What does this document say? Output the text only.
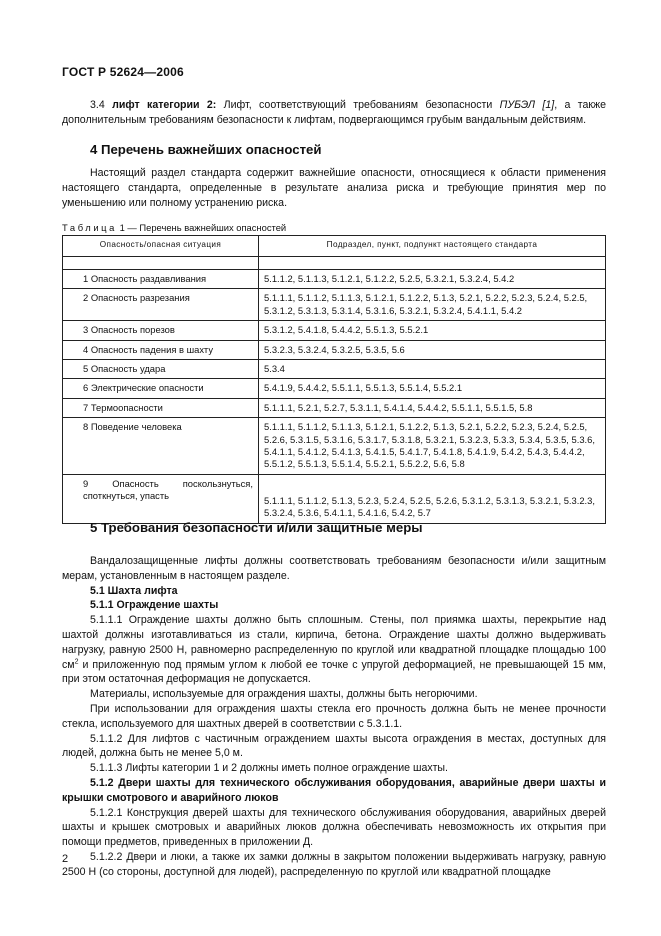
ГОСТ Р 52624—2006
3.4 лифт категории 2: Лифт, соответствующий требованиям безопасности ПУБЭЛ [1], а также дополнительным требованиям безопасности к лифтам, подвергающимся грубым вандальным действиям.
4 Перечень важнейших опасностей
Настоящий раздел стандарта содержит важнейшие опасности, относящиеся к области применения настоящего стандарта, определенные в результате анализа риска и требующие принятия мер по уменьшению или полному устранению риска.
Таблица 1 — Перечень важнейших опасностей
Опасность/опасная ситуация	Подраздел, пункт, подпункт настоящего стандарта

1 Опасность раздавливания	5.1.1.2, 5.1.1.3, 5.1.2.1, 5.1.2.2, 5.2.5, 5.3.2.1, 5.3.2.4, 5.4.2
2 Опасность разрезания	5.1.1.1, 5.1.1.2, 5.1.1.3, 5.1.2.1, 5.1.2.2, 5.1.3, 5.2.1, 5.2.2, 5.2.3, 5.2.4, 5.2.5, 5.3.1.2, 5.3.1.3, 5.3.1.4, 5.3.1.6, 5.3.2.1, 5.3.2.4, 5.4.1.1, 5.4.2
3 Опасность порезов	5.3.1.2, 5.4.1.8, 5.4.4.2, 5.5.1.3, 5.5.2.1
4 Опасность падения в шахту	5.3.2.3, 5.3.2.4, 5.3.2.5, 5.3.5, 5.6
5 Опасность удара	5.3.4
6 Электрические опасности	5.4.1.9, 5.4.4.2, 5.5.1.1, 5.5.1.3, 5.5.1.4, 5.5.2.1
7 Термоопасности	5.1.1.1, 5.2.1, 5.2.7, 5.3.1.1, 5.4.1.4, 5.4.4.2, 5.5.1.1, 5.5.1.5, 5.8
8 Поведение человека	5.1.1.1, 5.1.1.2, 5.1.1.3, 5.1.2.1, 5.1.2.2, 5.1.3, 5.2.1, 5.2.2, 5.2.3, 5.2.4, 5.2.5, 5.2.6, 5.3.1.5, 5.3.1.6, 5.3.1.7, 5.3.1.8, 5.3.2.1, 5.3.2.3, 5.3.3, 5.3.4, 5.3.5, 5.3.6, 5.4.1.1, 5.4.1.2, 5.4.1.3, 5.4.1.5, 5.4.1.7, 5.4.1.8, 5.4.1.9, 5.4.2, 5.4.3, 5.4.4.2, 5.5.1.2, 5.5.1.3, 5.5.1.4, 5.5.2.1, 5.5.2.2, 5.6, 5.8
9 Опасность поскользнуться, споткнуться, упасть	5.1.1.1, 5.1.1.2, 5.1.3, 5.2.3, 5.2.4, 5.2.5, 5.2.6, 5.3.1.2, 5.3.1.3, 5.3.2.1, 5.3.2.3, 5.3.2.4, 5.3.6, 5.4.1.1, 5.4.1.6, 5.4.2, 5.7
5 Требования безопасности и/или защитные меры

Вандалозащищенные лифты должны соответствовать требованиям безопасности и/или защитным мерам, установленным в настоящем разделе.

5.1 Шахта лифта

5.1.1 Ограждение шахты

5.1.1.1 Ограждение шахты должно быть сплошным. Стены, пол приямка шахты, перекрытие над шахтой должны изготавливаться из стали, кирпича, бетона. Ограждение шахты должно выдерживать нагрузку, равную 2500 Н, равномерно распределенную по круглой или квадратной площадке площадью 100 $см^2$ и приложенную под прямым углом к любой ее точке с упругой деформацией, не превышающей 15 мм, при этом остаточная деформация не допускается.

Материалы, используемые для ограждения шахты, должны быть негорючими.

При использовании для ограждения шахты стекла его прочность должна быть не менее прочности стекла, используемого для шахтных дверей в соответствии с 5.3.1.1.

5.1.1.2 Для лифтов с частичным ограждением шахты высота ограждения в местах, доступных для людей, должна быть не менее 5,0 м.

5.1.1.3 Лифты категории 1 и 2 должны иметь полное ограждение шахты.

5.1.2 Двери шахты для технического обслуживания оборудования, аварийные двери шахты и крышки смотрового и аварийного люков

5.1.2.1 Конструкция дверей шахты для технического обслуживания оборудования, аварийных дверей шахты и крышек смотровых и аварийных люков должна обеспечивать невозможность их открытия при помощи предметов, приведенных в приложении Д.

5.1.2.2 Двери и люки, а также их замки должны в закрытом положении выдерживать нагрузку, равную 2500 Н (со стороны, доступной для людей), распределенную по круглой или квадратной площадке

2
